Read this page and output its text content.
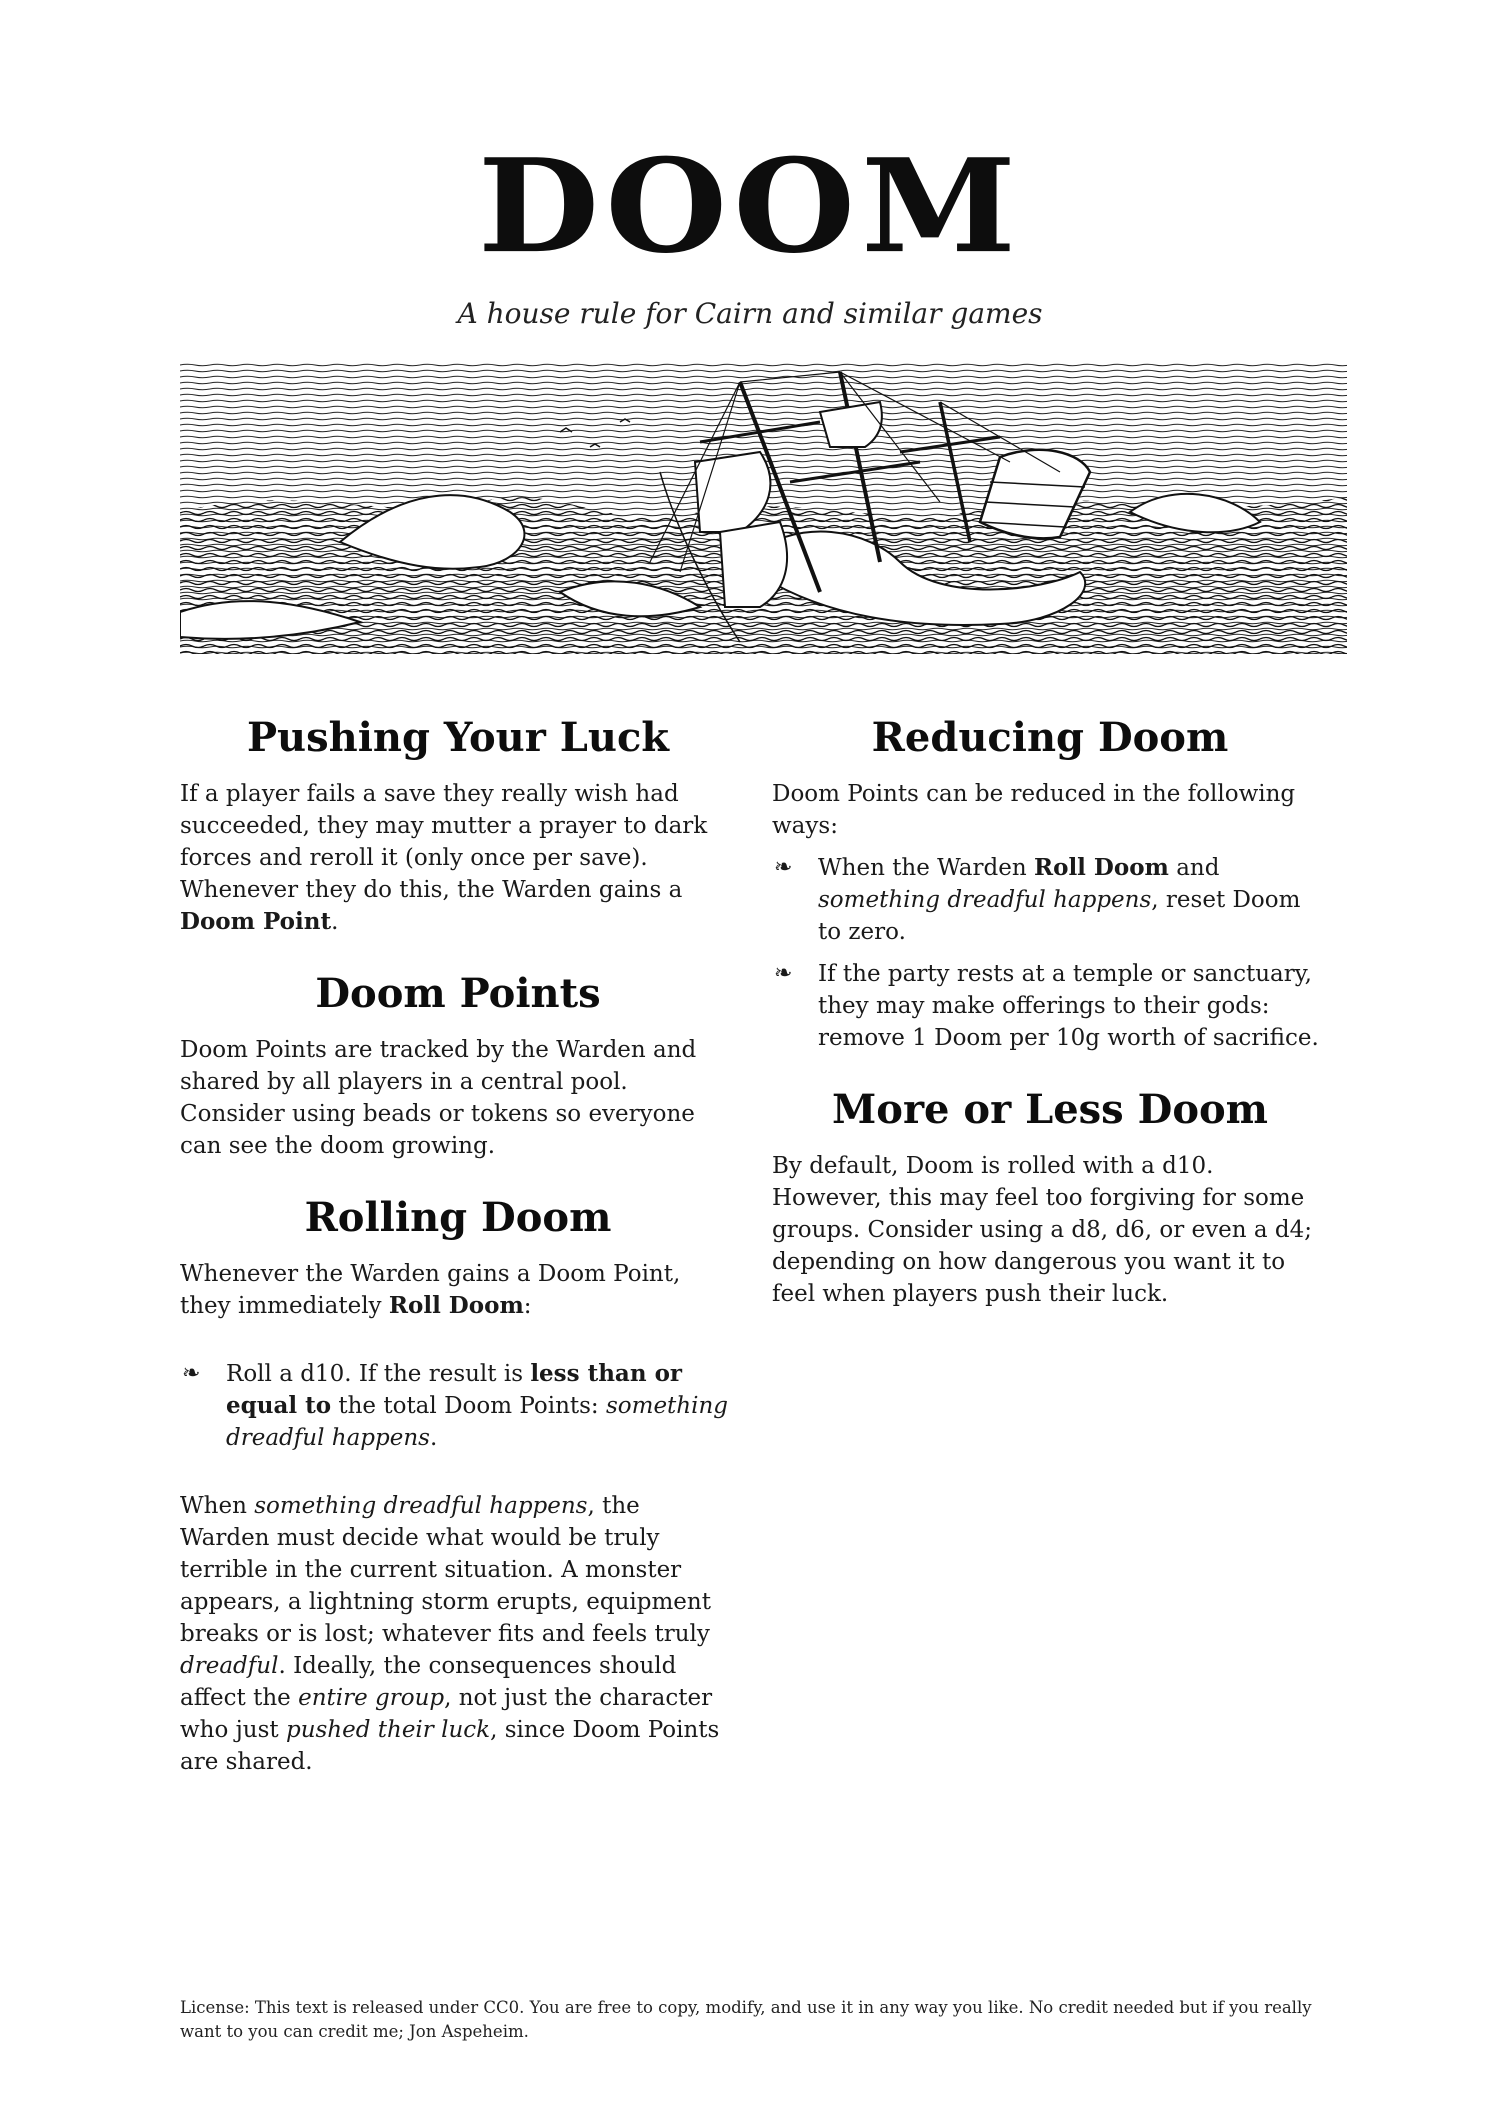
DOOM
A house rule for Cairn and similar games
Pushing Your Luck

If a player fails a save they really wish had succeeded, they may mutter a prayer to dark forces and reroll it (only once per save). Whenever they do this, the Warden gains a Doom Point.

Doom Points

Doom Points are tracked by the Warden and shared by all players in a central pool. Consider using beads or tokens so everyone can see the doom growing.

Rolling Doom

Whenever the Warden gains a Doom Point, they immediately Roll Doom:

❧ Roll a d10. If the result is less than or equal to the total Doom Points: something dreadful happens.

When something dreadful happens, the Warden must decide what would be truly terrible in the current situation. A monster appears, a lightning storm erupts, equipment breaks or is lost; whatever fits and feels truly dreadful. Ideally, the consequences should affect the entire group, not just the character who just pushed their luck, since Doom Points are shared.

Reducing Doom

Doom Points can be reduced in the following ways:

❧ When the Warden Roll Doom and something dreadful happens, reset Doom to zero.
❧ If the party rests at a temple or sanctuary, they may make offerings to their gods: remove 1 Doom per 10g worth of sacrifice.
More or Less Doom

By default, Doom is rolled with a d10. However, this may feel too forgiving for some groups. Consider using a d8, d6, or even a d4; depending on how dangerous you want it to feel when players push their luck.

License: This text is released under CC0. You are free to copy, modify, and use it in any way you like. No credit needed but if you really want to you can credit me; Jon Aspeheim.
